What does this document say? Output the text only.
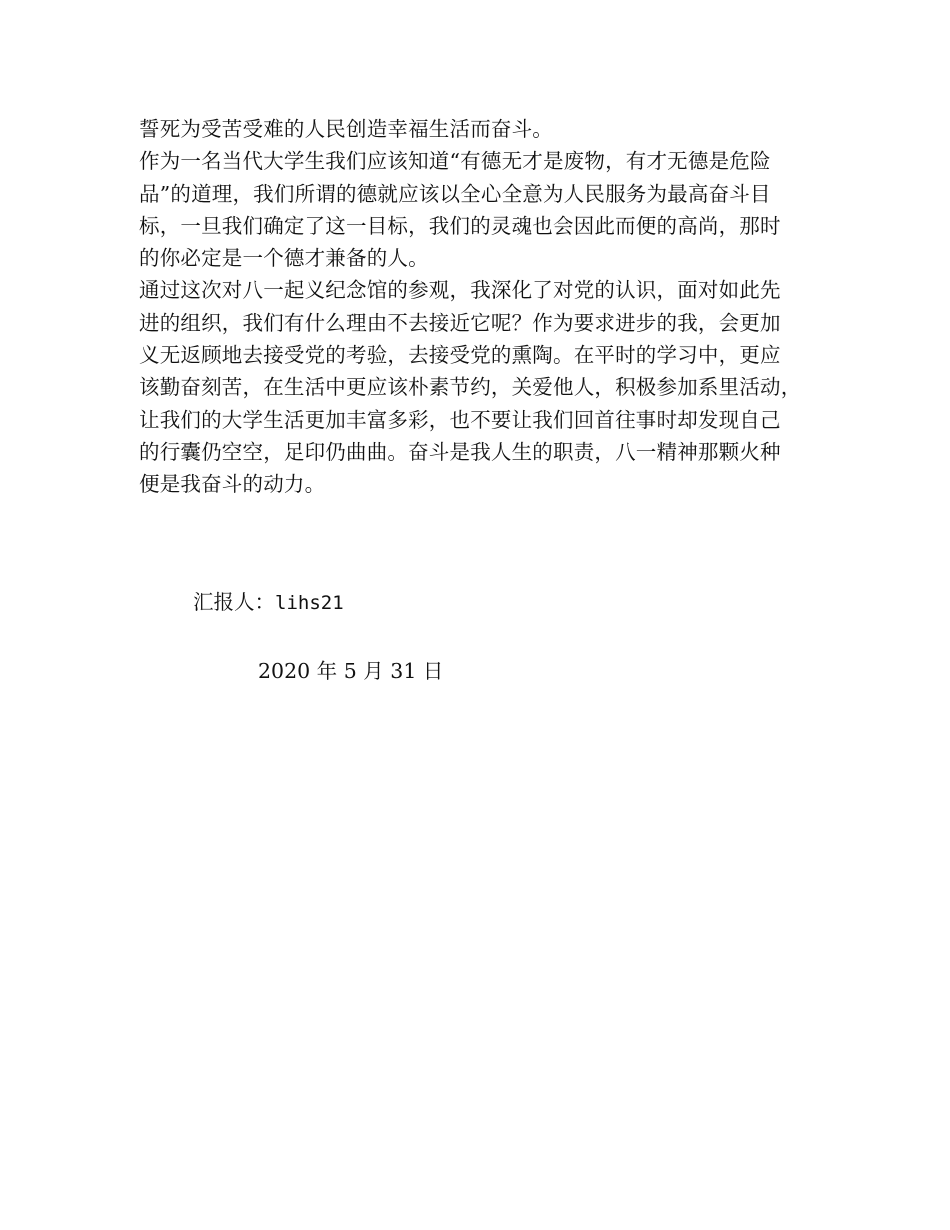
誓死为受苦受难的人民创造幸福生活而奋斗。
作为一名当代大学生我们应该知道“有德无才是废物，有才无德是危险
品”的道理，我们所谓的德就应该以全心全意为人民服务为最高奋斗目
标，一旦我们确定了这一目标，我们的灵魂也会因此而便的高尚，那时
的你必定是一个德才兼备的人。
通过这次对八一起义纪念馆的参观，我深化了对党的认识，面对如此先
进的组织，我们有什么理由不去接近它呢？作为要求进步的我，会更加
义无返顾地去接受党的考验，去接受党的熏陶。在平时的学习中，更应
该勤奋刻苦，在生活中更应该朴素节约，关爱他人，积极参加系里活动，
让我们的大学生活更加丰富多彩，也不要让我们回首往事时却发现自己
的行囊仍空空，足印仍曲曲。奋斗是我人生的职责，八一精神那颗火种
便是我奋斗的动力。
汇报人：lihs21
2020 年 5 月 31 日
